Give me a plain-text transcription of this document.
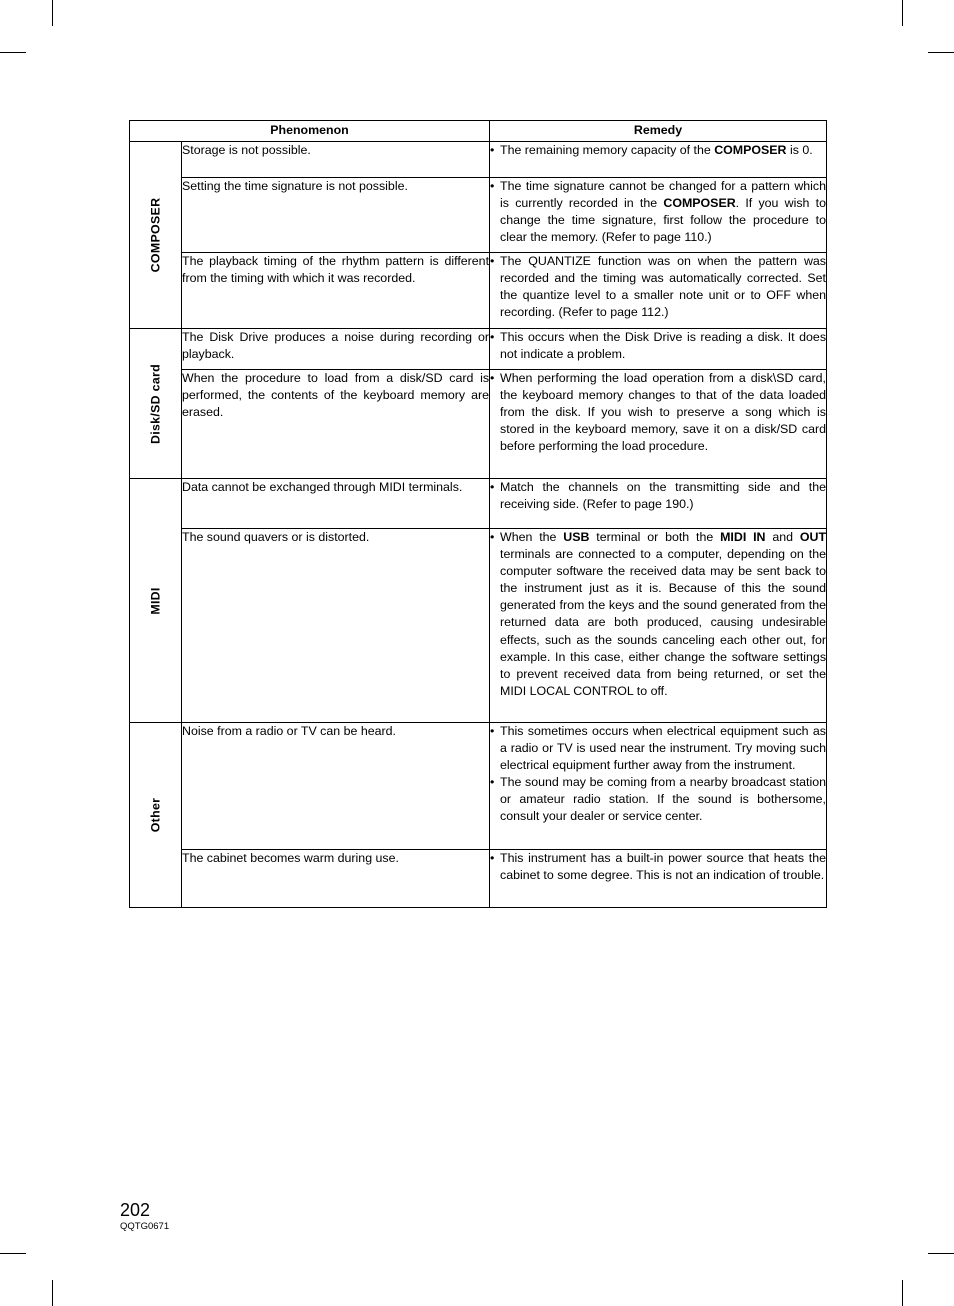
Phenomenon		Remedy

COMPOSER	Storage is not possible.	• The remaining memory capacity of the COMPOSER is 0.

	Setting the time signature is not possible.	• The time signature cannot be changed for a pattern which is currently recorded in the COMPOSER. If you wish to change the time signature, first follow the procedure to clear the memory. (Refer to page 110.)

	The playback timing of the rhythm pattern is different from the timing with which it was recorded.	• The QUANTIZE function was on when the pattern was recorded and the timing was automatically corrected. Set the quantize level to a smaller note unit or to OFF when recording. (Refer to page 112.)

Disk/SD card	The Disk Drive produces a noise during recording or playback.	• This occurs when the Disk Drive is reading a disk. It does not indicate a problem.

	When the procedure to load from a disk/SD card is performed, the contents of the keyboard memory are erased.	• When performing the load operation from a disk\SD card, the keyboard memory changes to that of the data loaded from the disk. If you wish to preserve a song which is stored in the keyboard memory, save it on a disk/SD card before performing the load procedure.

MIDI	Data cannot be exchanged through MIDI terminals.	• Match the channels on the transmitting side and the receiving side. (Refer to page 190.)

	The sound quavers or is distorted.	• When the USB terminal or both the MIDI IN and OUT terminals are connected to a computer, depending on the computer software the received data may be sent back to the instrument just as it is. Because of this the sound generated from the keys and the sound generated from the returned data are both produced, causing undesirable effects, such as the sounds canceling each other out, for example. In this case, either change the software settings to prevent received data from being returned, or set the MIDI LOCAL CONTROL to off.

Other	Noise from a radio or TV can be heard.	• This sometimes occurs when electrical equipment such as a radio or TV is used near the instrument. Try moving such electrical equipment further away from the instrument.
• The sound may be coming from a nearby broadcast station or amateur radio station. If the sound is bothersome, consult your dealer or service center.

	The cabinet becomes warm during use.	• This instrument has a built-in power source that heats the cabinet to some degree. This is not an indication of trouble.
202
QQTG0671
